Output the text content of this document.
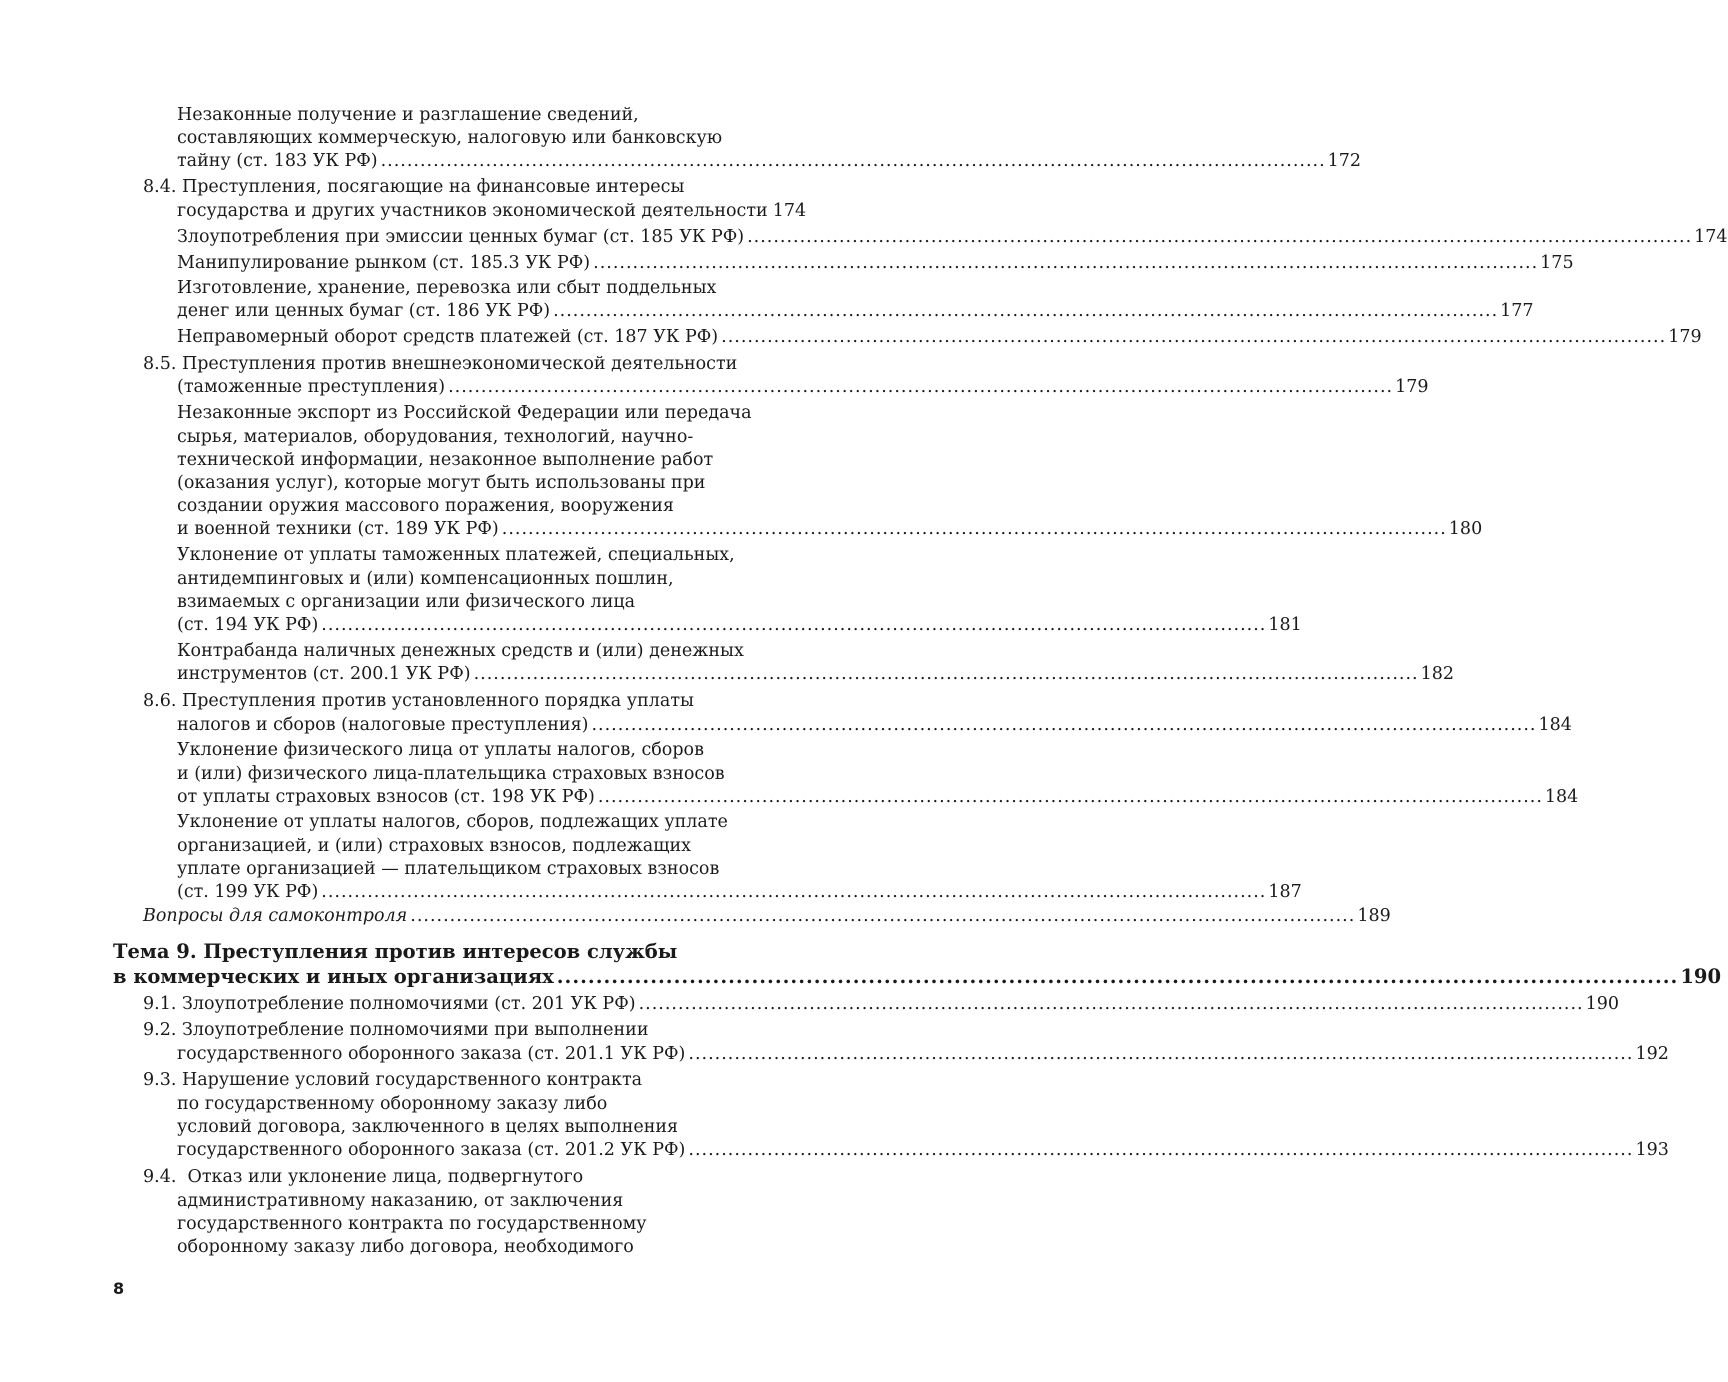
Незаконные получение и разглашение сведений,
составляющих коммерческую, налоговую или банковскую
тайну (ст. 183 УК РФ) ................................................................................................................................................ 172
8.4. Преступления, посягающие на финансовые интересы
государства и других участников экономической деятельности 174
Злоупотребления при эмиссии ценных бумаг (ст. 185 УК РФ) ................................................................................................................................................ 174
Манипулирование рынком (ст. 185.3 УК РФ) ................................................................................................................................................ 175
Изготовление, хранение, перевозка или сбыт поддельных
денег или ценных бумаг (ст. 186 УК РФ) ................................................................................................................................................ 177
Неправомерный оборот средств платежей (ст. 187 УК РФ) ................................................................................................................................................ 179
8.5. Преступления против внешнеэкономической деятельности
(таможенные преступления) ................................................................................................................................................ 179
Незаконные экспорт из Российской Федерации или передача
сырья, материалов, оборудования, технологий, научно-
технической информации, незаконное выполнение работ
(оказания услуг), которые могут быть использованы при
создании оружия массового поражения, вооружения
и военной техники (ст. 189 УК РФ) ................................................................................................................................................ 180
Уклонение от уплаты таможенных платежей, специальных,
антидемпинговых и (или) компенсационных пошлин,
взимаемых с организации или физического лица
(ст. 194 УК РФ) ................................................................................................................................................ 181
Контрабанда наличных денежных средств и (или) денежных
инструментов (ст. 200.1 УК РФ) ................................................................................................................................................ 182
8.6. Преступления против установленного порядка уплаты
налогов и сборов (налоговые преступления) ................................................................................................................................................ 184
Уклонение физического лица от уплаты налогов, сборов
и (или) физического лица-плательщика страховых взносов
от уплаты страховых взносов (ст. 198 УК РФ) ................................................................................................................................................ 184
Уклонение от уплаты налогов, сборов, подлежащих уплате
организацией, и (или) страховых взносов, подлежащих
уплате организацией — плательщиком страховых взносов
(ст. 199 УК РФ) ................................................................................................................................................ 187
Вопросы для самоконтроля ................................................................................................................................................ 189
Тема 9. Преступления против интересов службы
в коммерческих и иных организациях ................................................................................................................................................ 190
9.1. Злоупотребление полномочиями (ст. 201 УК РФ) ................................................................................................................................................ 190
9.2. Злоупотребление полномочиями при выполнении
государственного оборонного заказа (ст. 201.1 УК РФ) ................................................................................................................................................ 192
9.3. Нарушение условий государственного контракта
по государственному оборонному заказу либо
условий договора, заключенного в целях выполнения
государственного оборонного заказа (ст. 201.2 УК РФ) ................................................................................................................................................ 193
9.4.  Отказ или уклонение лица, подвергнутого
административному наказанию, от заключения
государственного контракта по государственному
оборонному заказу либо договора, необходимого
8
